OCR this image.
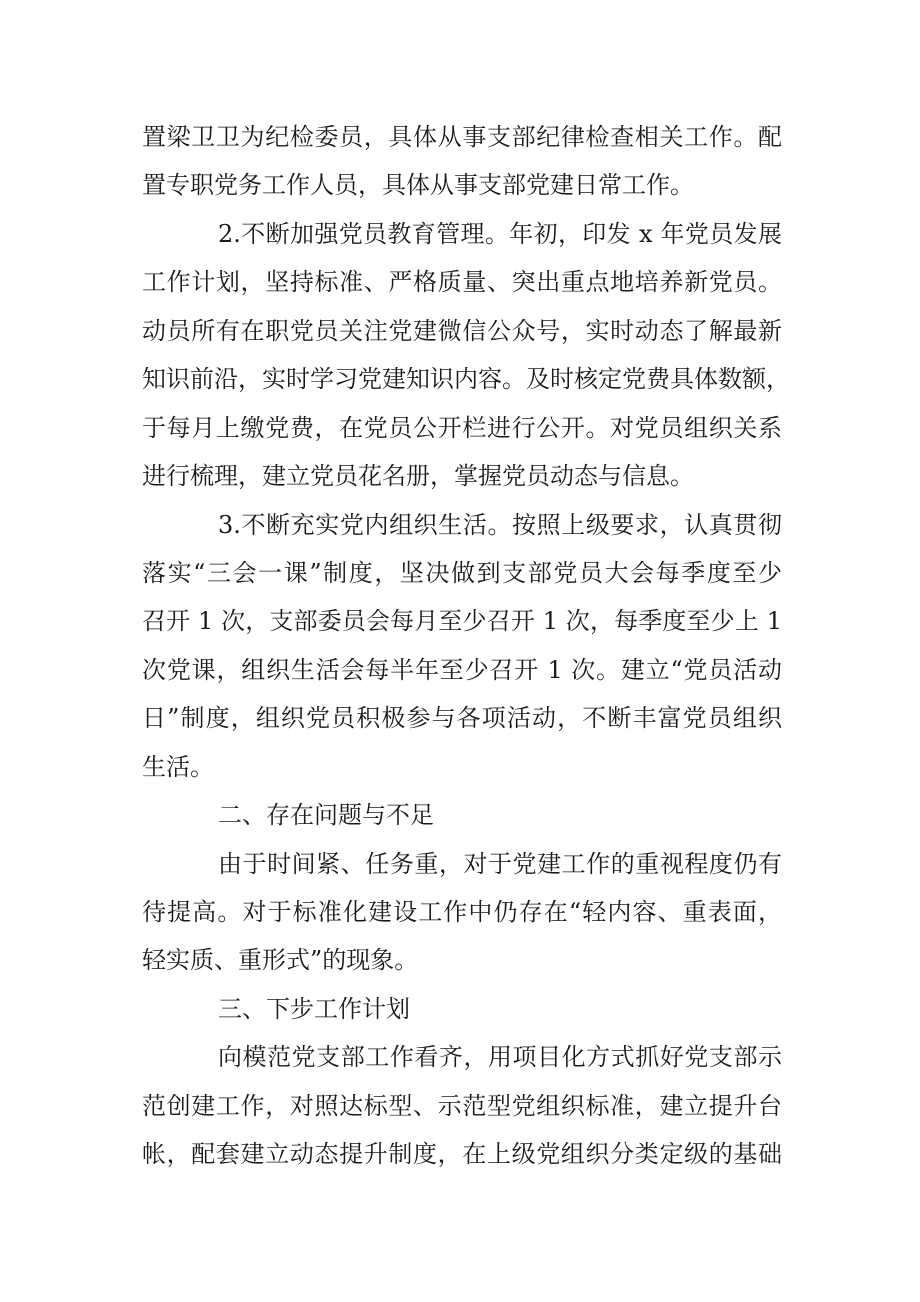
置梁卫卫为纪检委员，具体从事支部纪律检查相关工作。配
置专职党务工作人员，具体从事支部党建日常工作。
2.不断加强党员教育管理。年初，印发 x 年党员发展
工作计划，坚持标准、严格质量、突出重点地培养新党员。
动员所有在职党员关注党建微信公众号，实时动态了解最新
知识前沿，实时学习党建知识内容。及时核定党费具体数额，
于每月上缴党费，在党员公开栏进行公开。对党员组织关系
进行梳理，建立党员花名册，掌握党员动态与信息。
3.不断充实党内组织生活。按照上级要求，认真贯彻
落实“三会一课”制度，坚决做到支部党员大会每季度至少
召开 1 次，支部委员会每月至少召开 1 次，每季度至少上 1
次党课，组织生活会每半年至少召开 1 次。建立“党员活动
日”制度，组织党员积极参与各项活动，不断丰富党员组织
生活。
二、存在问题与不足
由于时间紧、任务重，对于党建工作的重视程度仍有
待提高。对于标准化建设工作中仍存在“轻内容、重表面，
轻实质、重形式”的现象。
三、下步工作计划
向模范党支部工作看齐，用项目化方式抓好党支部示
范创建工作，对照达标型、示范型党组织标准，建立提升台
帐，配套建立动态提升制度，在上级党组织分类定级的基础
